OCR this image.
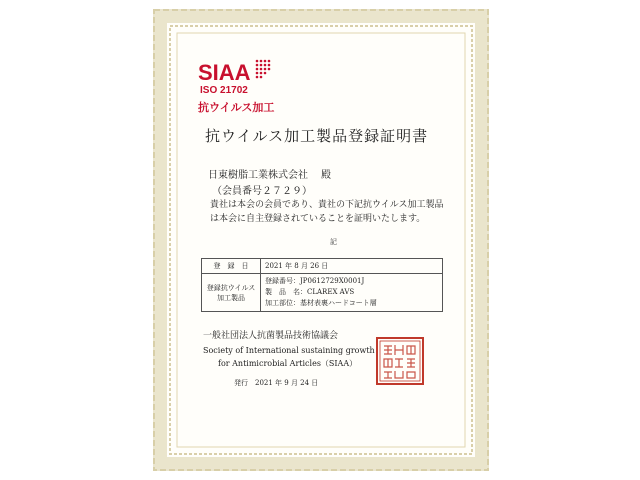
SIAA
ISO 21702
抗ウイルス加工
抗ウイルス加工製品登録証明書
日東樹脂工業株式会社 殿
（会員番号２７２９）
貴社は本会の会員であり、貴社の下記抗ウイルス加工製品は本会に自主登録されていることを証明いたします。
記
登　録　日	2021 年 8 月 26 日
登録抗ウイルス加工製品	登録番号：JP0612729X0001J
製　品　名：CLAREX AVS
加工部位：基材表裏ハードコート層
一般社団法人抗菌製品技術協議会
Society of International sustaining growth
for Antimicrobial Articles（SIAA）
発行　2021 年 9 月 24 日
